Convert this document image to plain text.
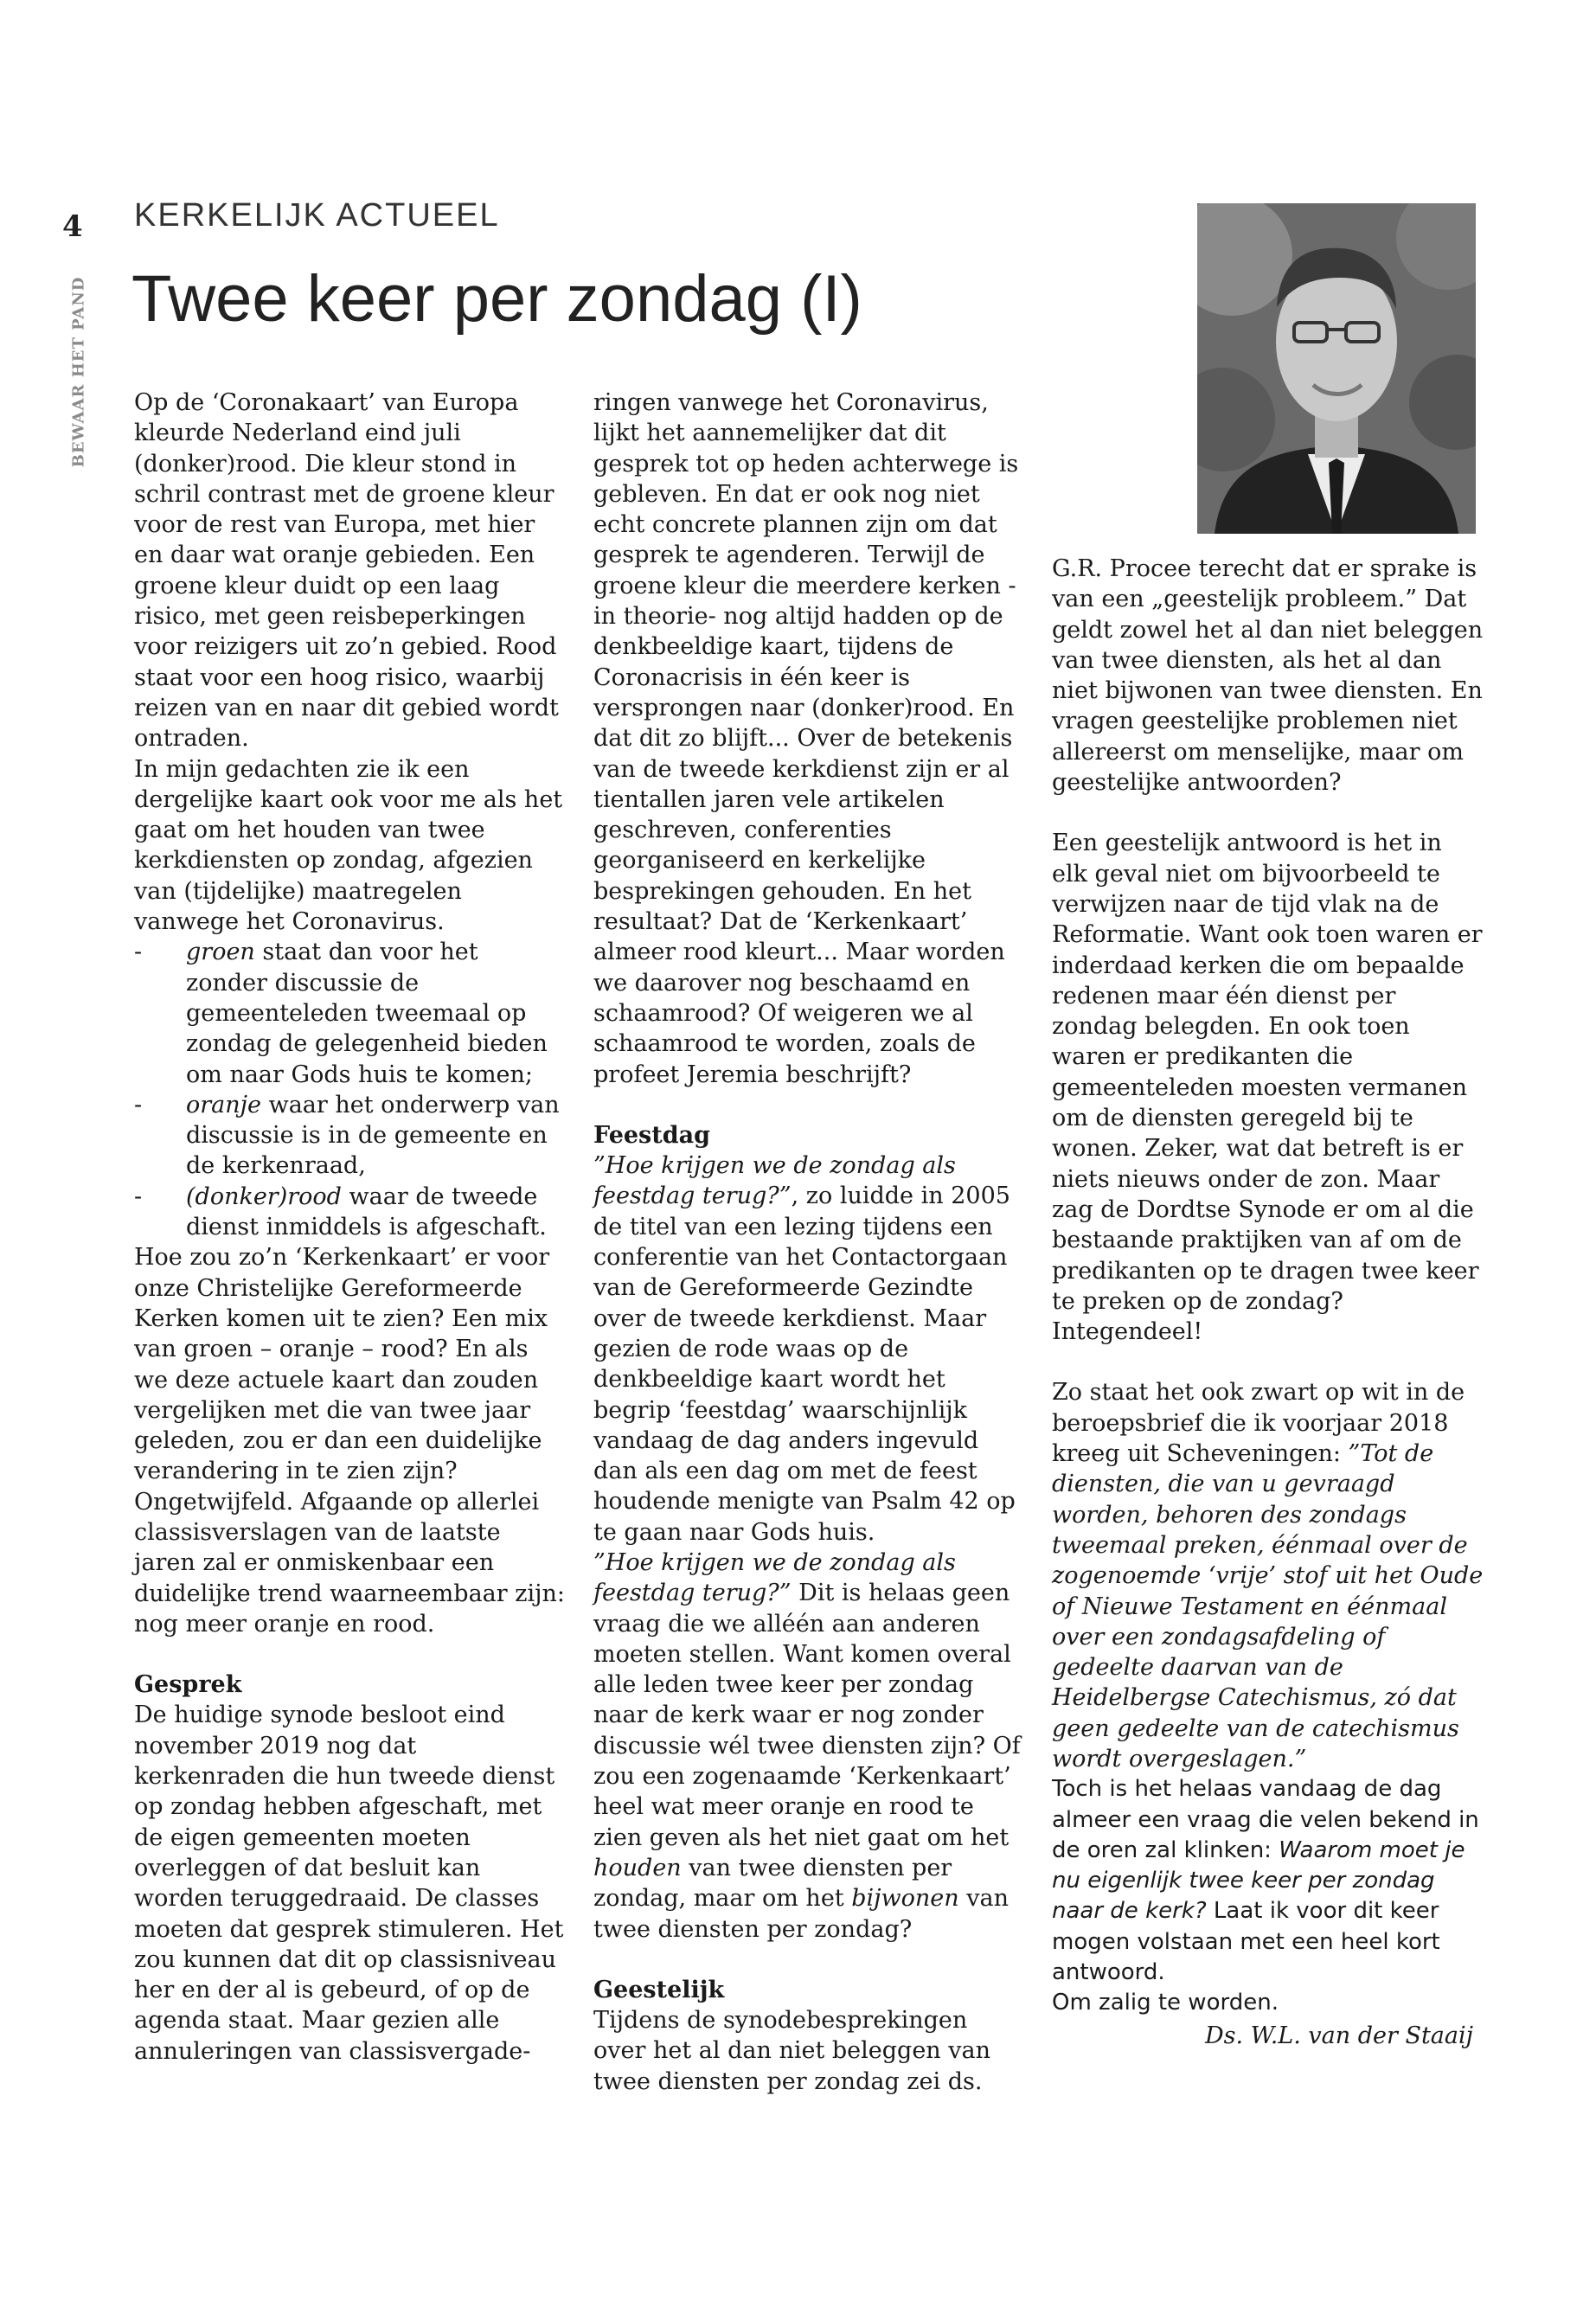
4
BEWAAR HET PAND
KERKELIJK ACTUEEL
Twee keer per zondag (I)

Op de ‘Coronakaart’ van Europa kleurde Nederland eind juli (donker)rood. Die kleur stond in schril contrast met de groene kleur voor de rest van Europa, met hier en daar wat oranje gebieden. Een groene kleur duidt op een laag risico, met geen reisbeperkingen voor reizigers uit zo’n gebied. Rood staat voor een hoog risico, waarbij reizen van en naar dit gebied wordt ontraden.

In mijn gedachten zie ik een dergelijke kaart ook voor me als het gaat om het houden van twee kerkdiensten op zondag, afgezien van (tijdelijke) maatregelen vanwege het Coronavirus.

- groen staat dan voor het zonder discussie de gemeenteleden tweemaal op zondag de gelegenheid bieden om naar Gods huis te komen;
- oranje waar het onderwerp van discussie is in de gemeente en de kerkenraad,
- (donker)rood waar de tweede dienst inmiddels is afgeschaft.

Hoe zou zo’n ‘Kerkenkaart’ er voor onze Christelijke Gereformeerde Kerken komen uit te zien? Een mix van groen – oranje – rood? En als we deze actuele kaart dan zouden vergelijken met die van twee jaar geleden, zou er dan een duidelijke verandering in te zien zijn? Ongetwijfeld. Afgaande op allerlei classisverslagen van de laatste jaren zal er onmiskenbaar een duidelijke trend waarneembaar zijn: nog meer oranje en rood.

Gesprek

De huidige synode besloot eind november 2019 nog dat kerkenraden die hun tweede dienst op zondag hebben afgeschaft, met de eigen gemeenten moeten overleggen of dat besluit kan worden teruggedraaid. De classes moeten dat gesprek stimuleren. Het zou kunnen dat dit op classisniveau her en der al is gebeurd, of op de agenda staat. Maar gezien alle annuleringen van classisvergade-

ringen vanwege het Coronavirus, lijkt het aannemelijker dat dit gesprek tot op heden achterwege is gebleven. En dat er ook nog niet echt concrete plannen zijn om dat gesprek te agenderen. Terwijl de groene kleur die meerdere kerken -in theorie- nog altijd hadden op de denkbeeldige kaart, tijdens de Coronacrisis in één keer is versprongen naar (donker)rood. En dat dit zo blijft... Over de betekenis van de tweede kerkdienst zijn er al tientallen jaren vele artikelen geschreven, conferenties georganiseerd en kerkelijke besprekingen gehouden. En het resultaat? Dat de ‘Kerkenkaart’ almeer rood kleurt... Maar worden we daarover nog beschaamd en schaamrood? Of weigeren we al schaamrood te worden, zoals de profeet Jeremia beschrijft?

Feestdag

”Hoe krijgen we de zondag als feestdag terug?”, zo luidde in 2005 de titel van een lezing tijdens een conferentie van het Contactorgaan van de Gereformeerde Gezindte over de tweede kerkdienst. Maar gezien de rode waas op de denkbeeldige kaart wordt het begrip ‘feestdag’ waarschijnlijk vandaag de dag anders ingevuld dan als een dag om met de feest houdende menigte van Psalm 42 op te gaan naar Gods huis.

”Hoe krijgen we de zondag als feestdag terug?” Dit is helaas geen vraag die we alléén aan anderen moeten stellen. Want komen overal alle leden twee keer per zondag naar de kerk waar er nog zonder discussie wél twee diensten zijn? Of zou een zogenaamde ‘Kerkenkaart’ heel wat meer oranje en rood te zien geven als het niet gaat om het houden van twee diensten per zondag, maar om het bijwonen van twee diensten per zondag?

Geestelijk

Tijdens de synodebesprekingen over het al dan niet beleggen van twee diensten per zondag zei ds.

G.R. Procee terecht dat er sprake is van een „geestelijk probleem.” Dat geldt zowel het al dan niet beleggen van twee diensten, als het al dan niet bijwonen van twee diensten. En vragen geestelijke problemen niet allereerst om menselijke, maar om geestelijke antwoorden?

Een geestelijk antwoord is het in elk geval niet om bijvoorbeeld te verwijzen naar de tijd vlak na de Reformatie. Want ook toen waren er inderdaad kerken die om bepaalde redenen maar één dienst per zondag belegden. En ook toen waren er predikanten die gemeenteleden moesten vermanen om de diensten geregeld bij te wonen. Zeker, wat dat betreft is er niets nieuws onder de zon. Maar zag de Dordtse Synode er om al die bestaande praktijken van af om de predikanten op te dragen twee keer te preken op de zondag? Integendeel!

Zo staat het ook zwart op wit in de beroepsbrief die ik voorjaar 2018 kreeg uit Scheveningen: ”Tot de diensten, die van u gevraagd worden, behoren des zondags tweemaal preken, éénmaal over de zogenoemde ‘vrije’ stof uit het Oude of Nieuwe Testament en éénmaal over een zondagsafdeling of gedeelte daarvan van de Heidelbergse Catechismus, zó dat geen gedeelte van de catechismus wordt overgeslagen.”

Toch is het helaas vandaag de dag almeer een vraag die velen bekend in de oren zal klinken: Waarom moet je nu eigenlijk twee keer per zondag naar de kerk? Laat ik voor dit keer mogen volstaan met een heel kort antwoord.

Om zalig te worden.

Ds. W.L. van der Staaij
